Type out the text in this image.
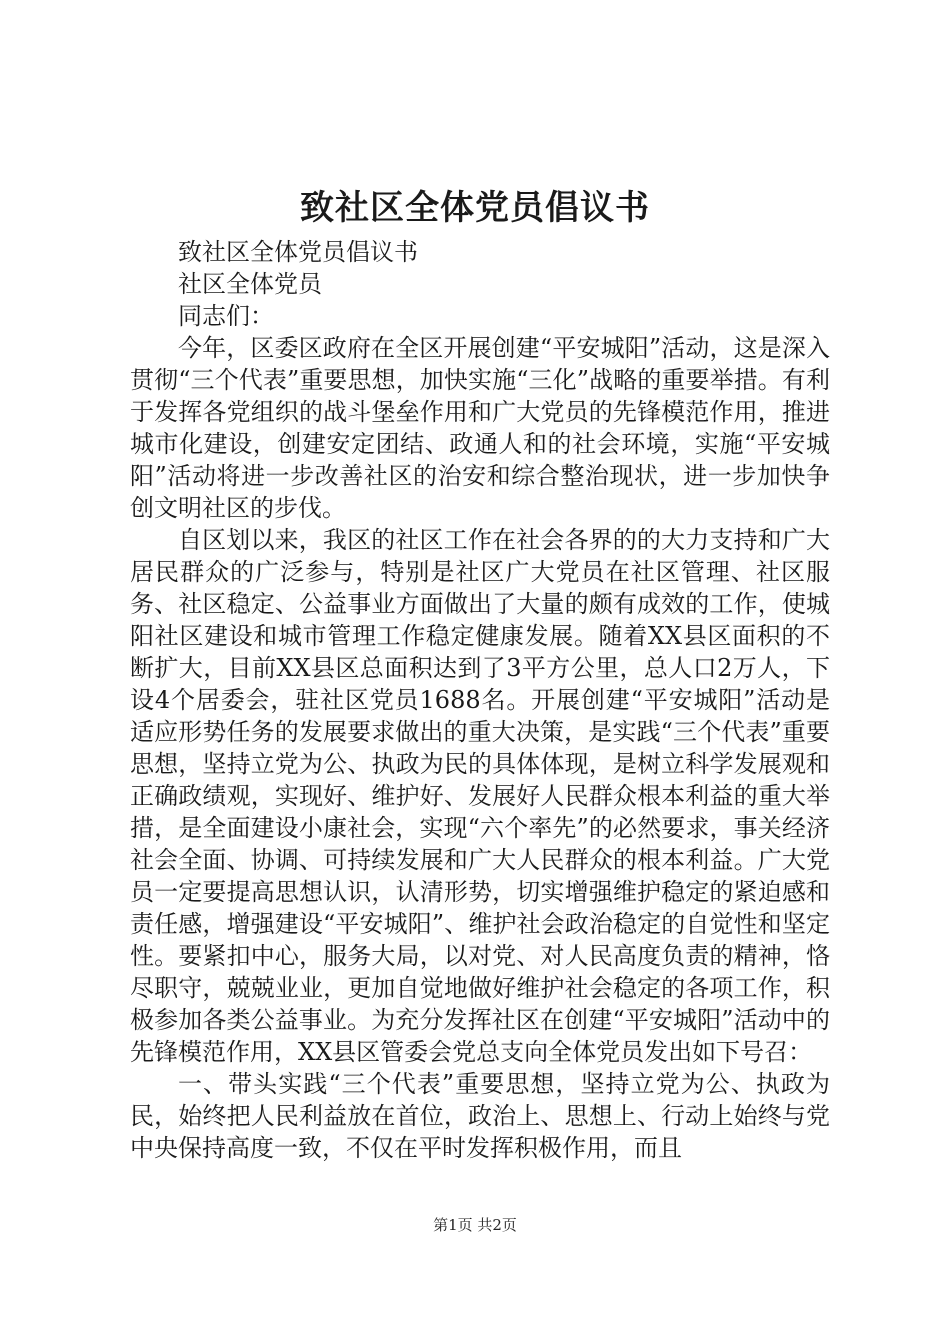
致社区全体党员倡议书

致社区全体党员倡议书

社区全体党员

同志们：

今年，区委区政府在全区开展创建“平安城阳”活动，这是深入贯彻“三个代表”重要思想，加快实施“三化”战略的重要举措。有利于发挥各党组织的战斗堡垒作用和广大党员的先锋模范作用，推进城市化建设，创建安定团结、政通人和的社会环境，实施“平安城阳”活动将进一步改善社区的治安和综合整治现状，进一步加快争创文明社区的步伐。

自区划以来，我区的社区工作在社会各界的的大力支持和广大居民群众的广泛参与，特别是社区广大党员在社区管理、社区服务、社区稳定、公益事业方面做出了大量的颇有成效的工作，使城阳社区建设和城市管理工作稳定健康发展。随着XX县区面积的不断扩大，目前XX县区总面积达到了3平方公里，总人口2万人，下设4个居委会，驻社区党员1688名。开展创建“平安城阳”活动是适应形势任务的发展要求做出的重大决策，是实践“三个代表”重要思想，坚持立党为公、执政为民的具体体现，是树立科学发展观和正确政绩观，实现好、维护好、发展好人民群众根本利益的重大举措，是全面建设小康社会，实现“六个率先”的必然要求，事关经济社会全面、协调、可持续发展和广大人民群众的根本利益。广大党员一定要提高思想认识，认清形势，切实增强维护稳定的紧迫感和责任感，增强建设“平安城阳”、维护社会政治稳定的自觉性和坚定性。要紧扣中心，服务大局，以对党、对人民高度负责的精神，恪尽职守，兢兢业业，更加自觉地做好维护社会稳定的各项工作，积极参加各类公益事业。为充分发挥社区在创建“平安城阳”活动中的先锋模范作用，XX县区管委会党总支向全体党员发出如下号召：

一、带头实践“三个代表”重要思想，坚持立党为公、执政为民，始终把人民利益放在首位，政治上、思想上、行动上始终与党中央保持高度一致，不仅在平时发挥积极作用，而且

第1页 共2页
